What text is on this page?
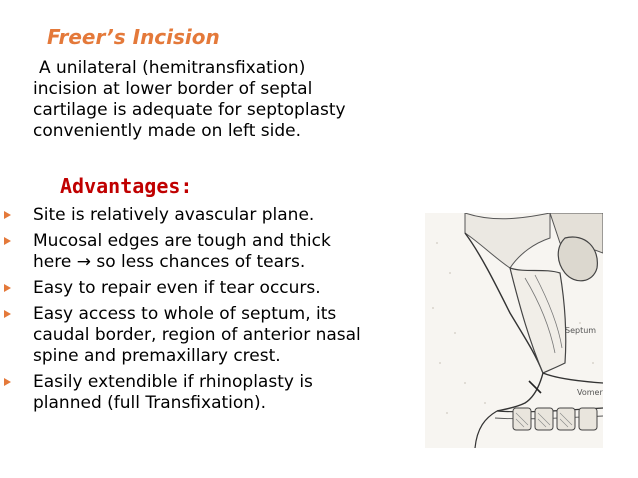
Freer’s Incision
A unilateral (hemitransfixation)
incision at lower border of septal
cartilage is adequate for septoplasty
conveniently made on left side.
Advantages:
Site is relatively avascular plane.
Mucosal edges are tough and thick
here → so less chances of tears.
Easy to repair even if tear occurs.
Easy access to whole of septum, its
caudal border, region of anterior nasal
spine and premaxillary crest.
Easily extendible if rhinoplasty is
planned (full Transfixation).
Vomer
Septum
